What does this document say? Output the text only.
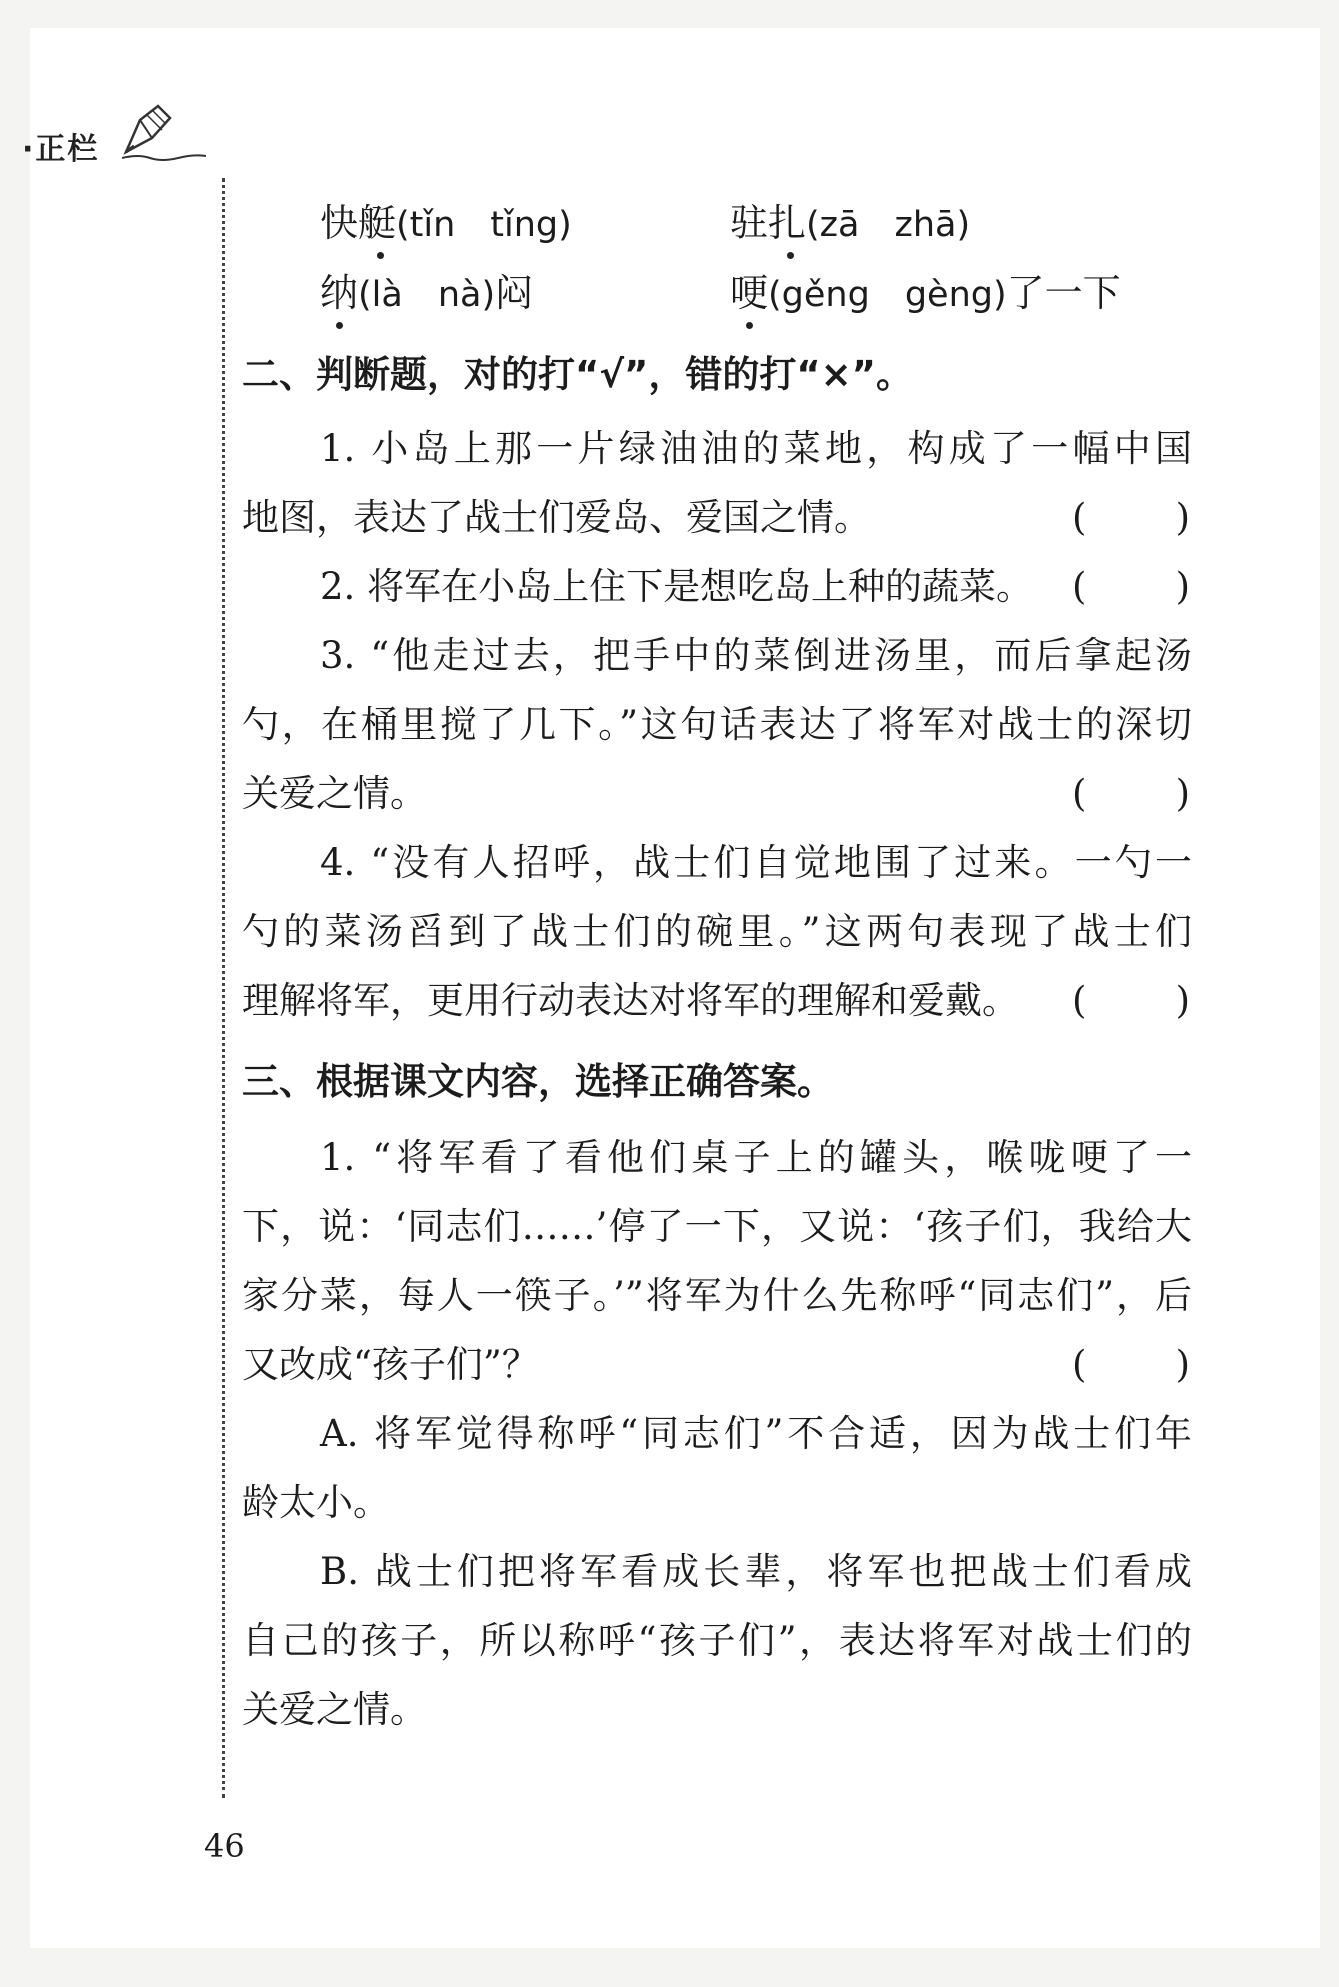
·正栏
快艇(tǐn　tǐng)	驻扎(zā　zhā)
纳(là　nà)闷	哽(gěng　gèng)了一下
二、判断题，对的打“√”，错的打“×”。
1. 小岛上那一片绿油油的菜地，构成了一幅中国
地图，表达了战士们爱岛、爱国之情。	( )
2. 将军在小岛上住下是想吃岛上种的蔬菜。	( )
3. “他走过去，把手中的菜倒进汤里，而后拿起汤
勺，在桶里搅了几下。”这句话表达了将军对战士的深切
关爱之情。	( )
4. “没有人招呼，战士们自觉地围了过来。一勺一
勺的菜汤舀到了战士们的碗里。”这两句表现了战士们
理解将军，更用行动表达对将军的理解和爱戴。	( )
三、根据课文内容，选择正确答案。
1. “将军看了看他们桌子上的罐头，喉咙哽了一
下，说：‘同志们……’停了一下，又说：‘孩子们，我给大
家分菜，每人一筷子。’”将军为什么先称呼“同志们”，后
又改成“孩子们”？	( )
A. 将军觉得称呼“同志们”不合适，因为战士们年
龄太小。
B. 战士们把将军看成长辈，将军也把战士们看成
自己的孩子，所以称呼“孩子们”，表达将军对战士们的
关爱之情。
46
